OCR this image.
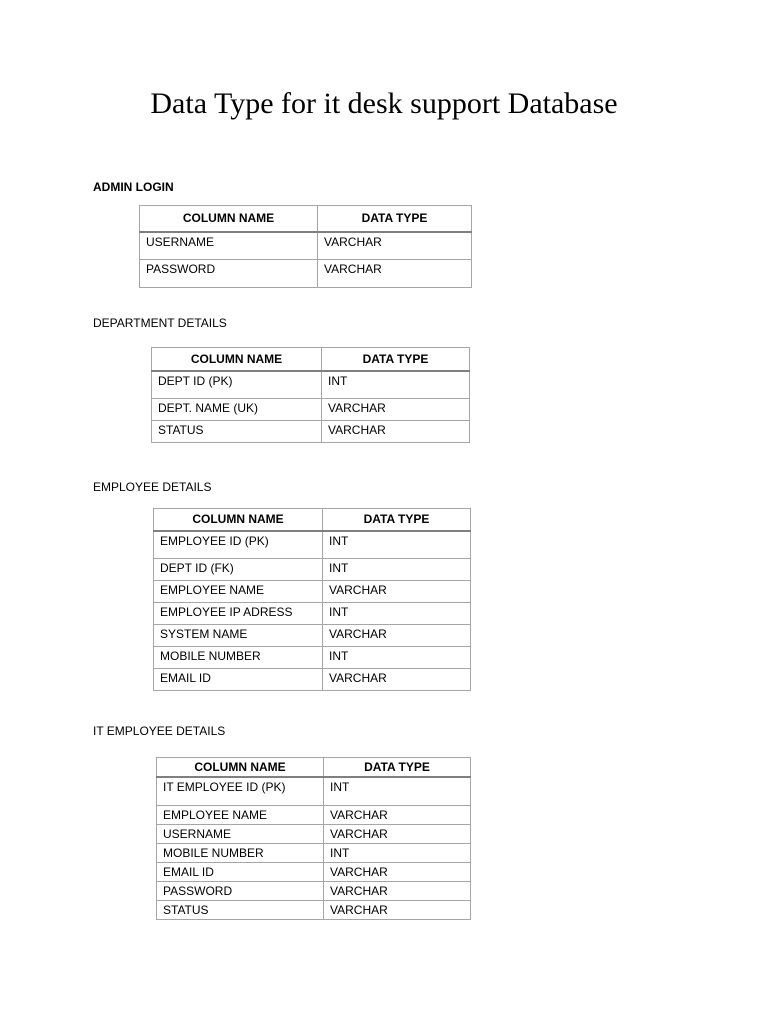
Data Type for it desk support Database

ADMIN LOGIN

COLUMN NAME	DATA TYPE
USERNAME	VARCHAR
PASSWORD	VARCHAR

DEPARTMENT DETAILS

COLUMN NAME	DATA TYPE
DEPT ID (PK)	INT
DEPT. NAME (UK)	VARCHAR
STATUS	VARCHAR

EMPLOYEE DETAILS

COLUMN NAME	DATA TYPE
EMPLOYEE ID (PK)	INT
DEPT ID (FK)	INT
EMPLOYEE NAME	VARCHAR
EMPLOYEE IP ADRESS	INT
SYSTEM NAME	VARCHAR
MOBILE NUMBER	INT
EMAIL ID	VARCHAR

IT EMPLOYEE DETAILS

COLUMN NAME	DATA TYPE
IT EMPLOYEE ID (PK)	INT
EMPLOYEE NAME	VARCHAR
USERNAME	VARCHAR
MOBILE NUMBER	INT
EMAIL ID	VARCHAR
PASSWORD	VARCHAR
STATUS	VARCHAR
